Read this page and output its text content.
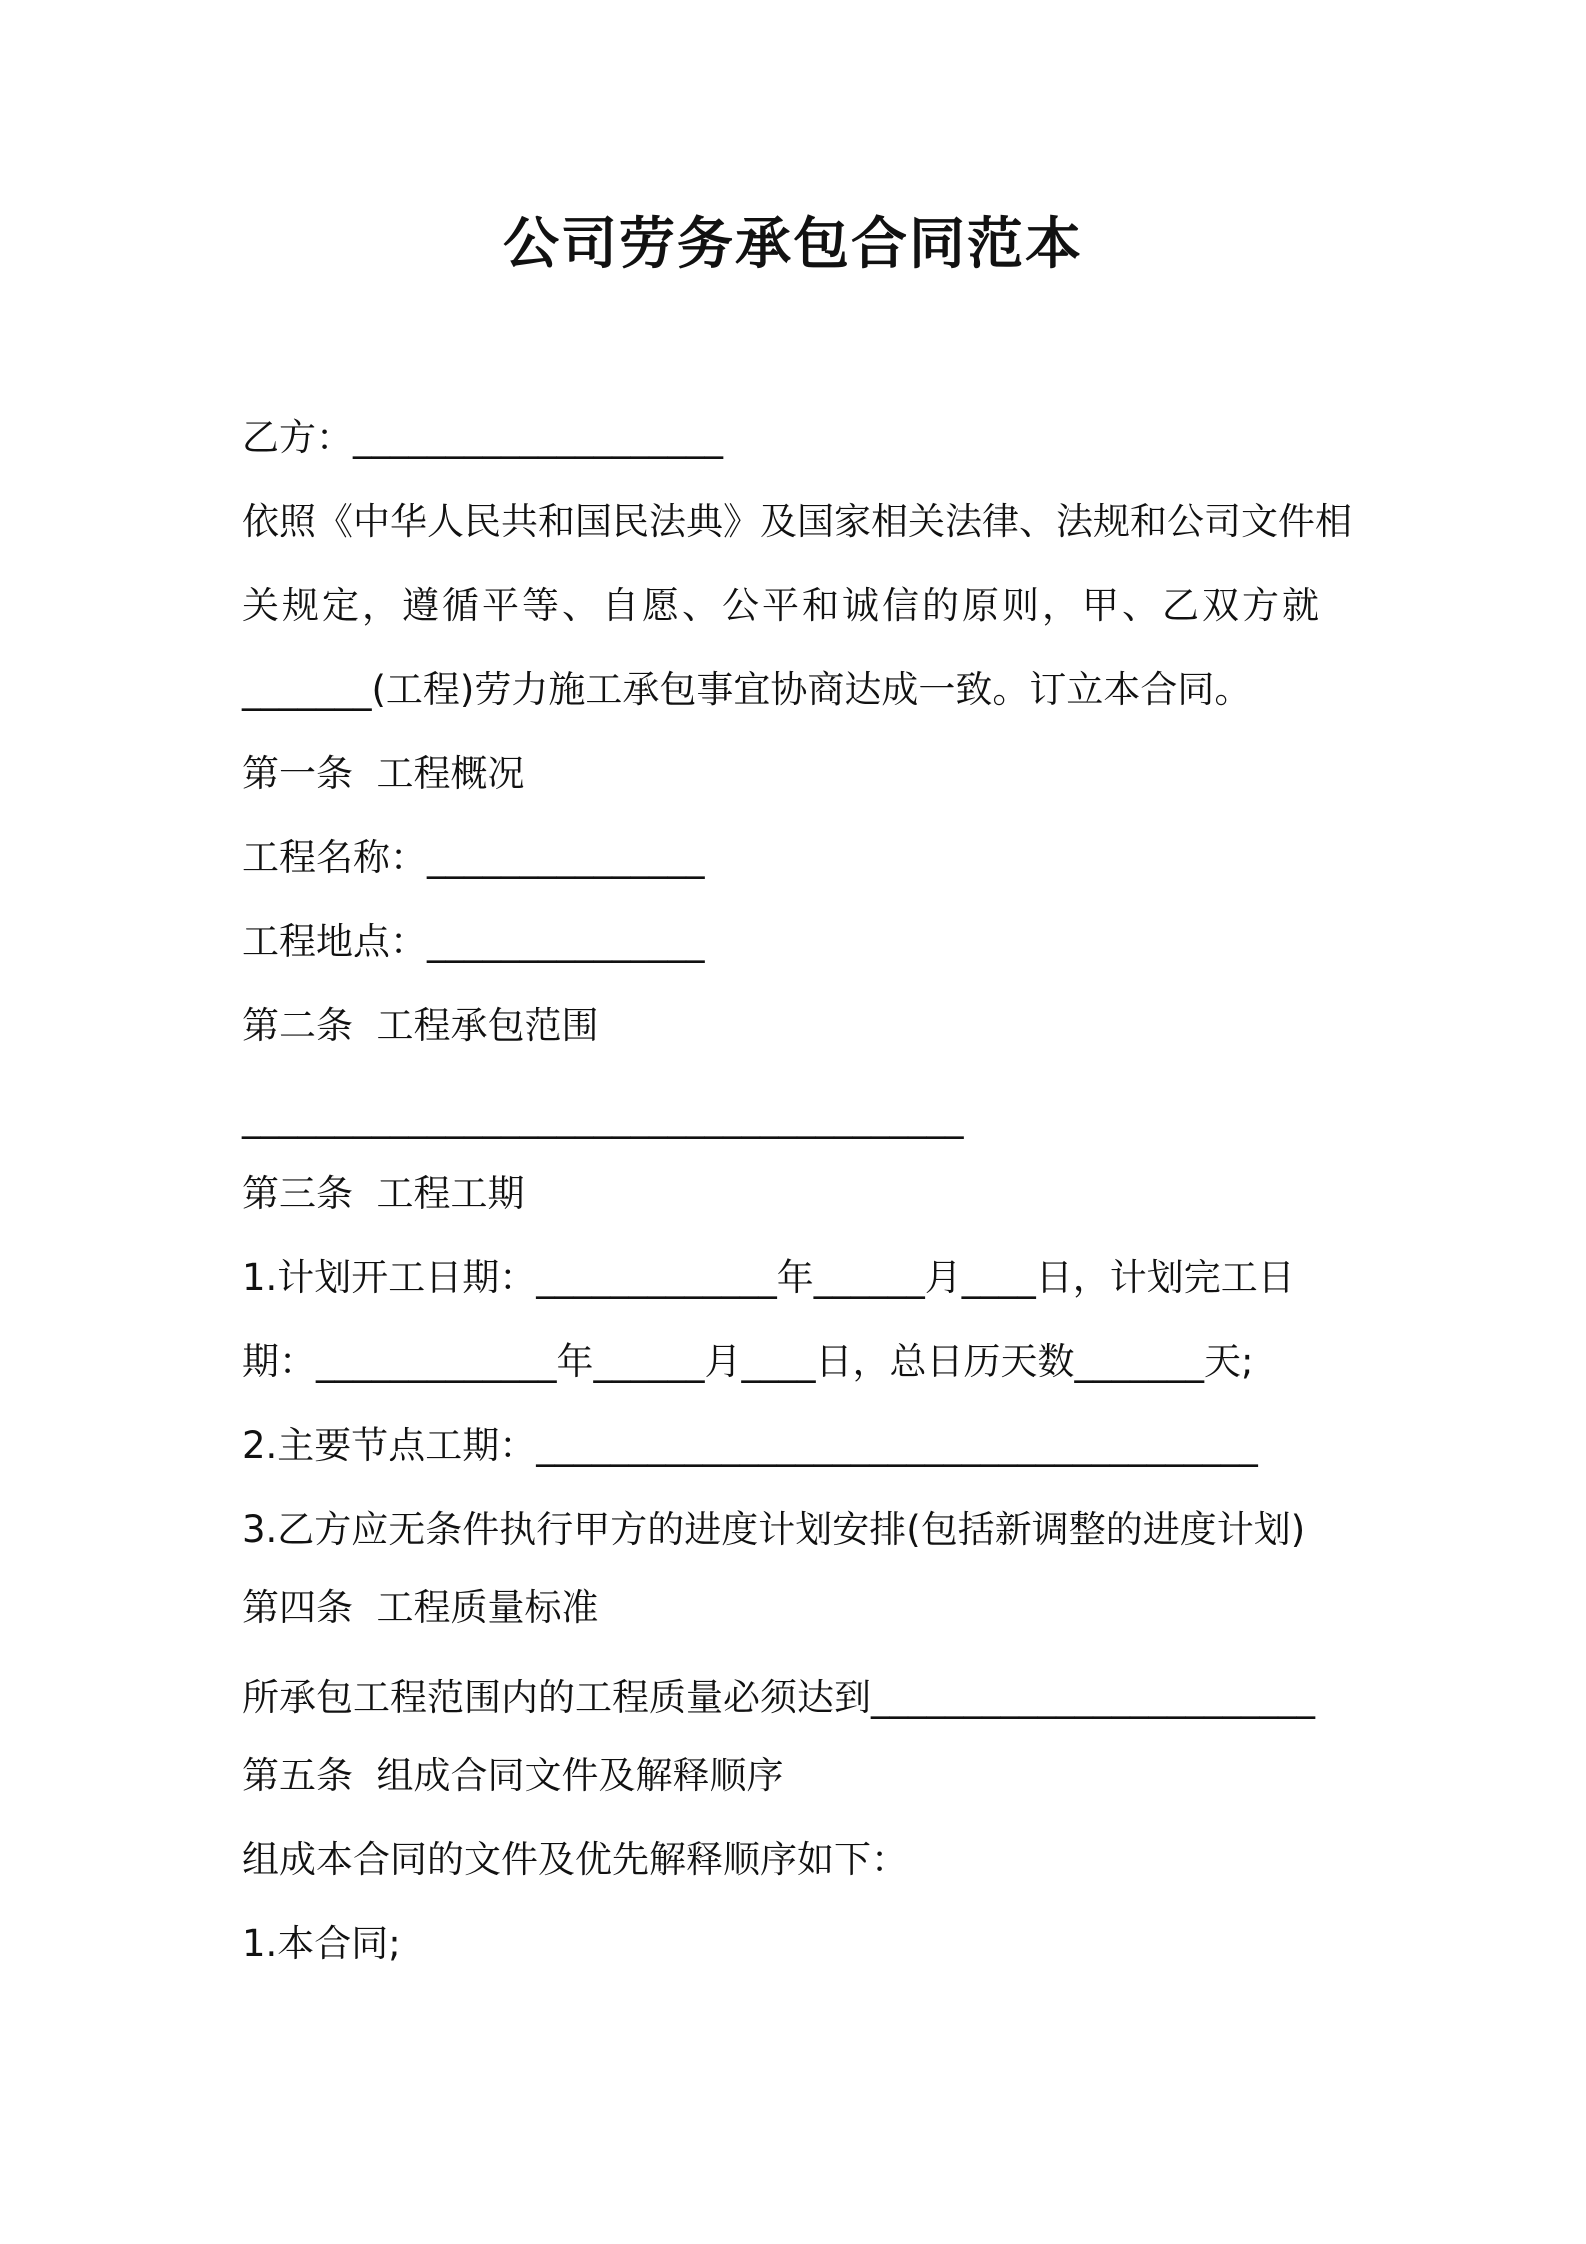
公司劳务承包合同范本
乙方：____________________
依照《中华人民共和国民法典》及国家相关法律、法规和公司文件相
关规定，遵循平等、自愿、公平和诚信的原则，甲、乙双方就
_______(工程)劳力施工承包事宜协商达成一致。订立本合同。
第一条  工程概况
工程名称：_______________
工程地点：_______________
第二条  工程承包范围
_______________________________________
第三条  工程工期
1.计划开工日期：_____________年______月____日，计划完工日
期：_____________年______月____日，总日历天数_______天;
2.主要节点工期：_______________________________________
3.乙方应无条件执行甲方的进度计划安排(包括新调整的进度计划)
第四条  工程质量标准
所承包工程范围内的工程质量必须达到________________________
第五条  组成合同文件及解释顺序
组成本合同的文件及优先解释顺序如下：
1.本合同;
